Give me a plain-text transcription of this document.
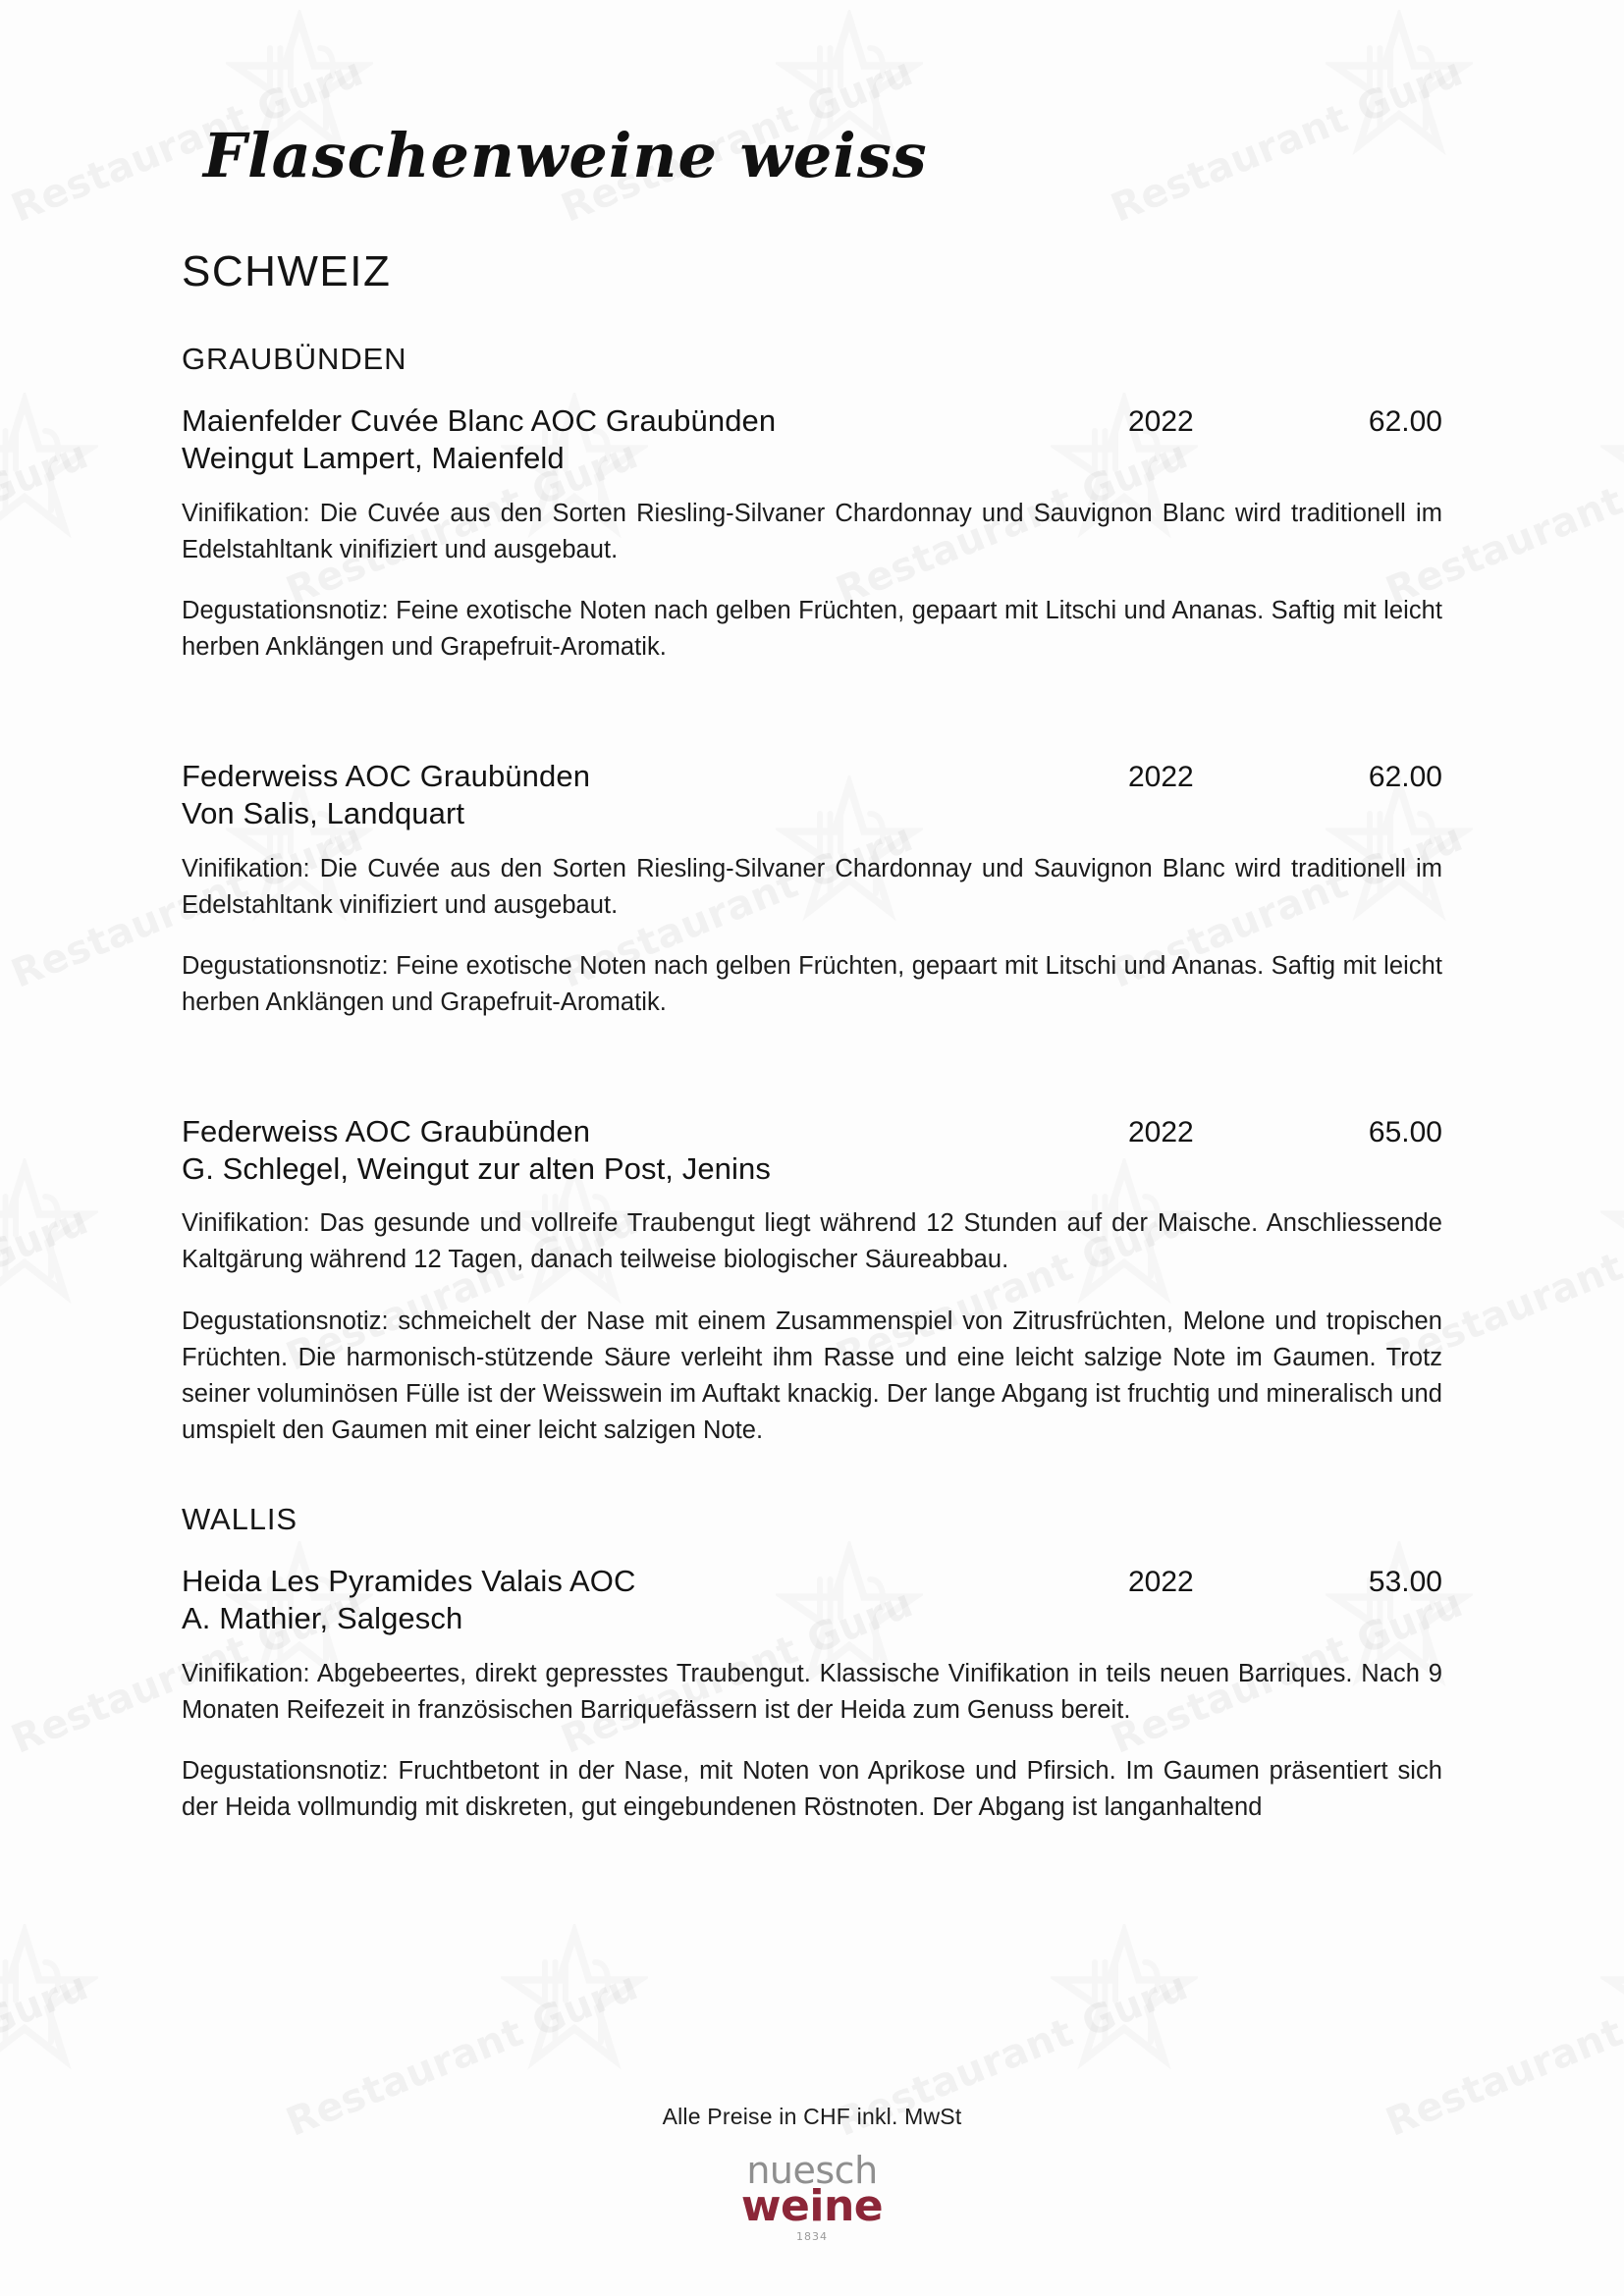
Flaschenweine weiss
SCHWEIZ
GRAUBÜNDEN
Maienfelder Cuvée Blanc AOC Graubünden
Weingut Lampert, Maienfeld
2022	62.00

Vinifikation: Die Cuvée aus den Sorten Riesling-Silvaner Chardonnay und Sauvignon Blanc wird traditionell im Edelstahltank vinifiziert und ausgebaut.

Degustationsnotiz: Feine exotische Noten nach gelben Früchten, gepaart mit Litschi und Ananas. Saftig mit leicht herben Anklängen und Grapefruit-Aromatik.

Federweiss AOC Graubünden
Von Salis, Landquart
2022	62.00

Vinifikation: Die Cuvée aus den Sorten Riesling-Silvaner Chardonnay und Sauvignon Blanc wird traditionell im Edelstahltank vinifiziert und ausgebaut.

Degustationsnotiz: Feine exotische Noten nach gelben Früchten, gepaart mit Litschi und Ananas. Saftig mit leicht herben Anklängen und Grapefruit-Aromatik.

Federweiss AOC Graubünden
G. Schlegel, Weingut zur alten Post, Jenins
2022	65.00

Vinifikation: Das gesunde und vollreife Traubengut liegt während 12 Stunden auf der Maische. Anschliessende Kaltgärung während 12 Tagen, danach teilweise biologischer Säureabbau.

Degustationsnotiz: schmeichelt der Nase mit einem Zusammenspiel von Zitrusfrüchten, Melone und tropischen Früchten. Die harmonisch-stützende Säure verleiht ihm Rasse und eine leicht salzige Note im Gaumen. Trotz seiner voluminösen Fülle ist der Weisswein im Auftakt knackig. Der lange Abgang ist fruchtig und mineralisch und umspielt den Gaumen mit einer leicht salzigen Note.

WALLIS
Heida Les Pyramides Valais AOC
A. Mathier, Salgesch
2022	53.00

Vinifikation: Abgebeertes, direkt gepresstes Traubengut. Klassische Vinifikation in teils neuen Barriques. Nach 9 Monaten Reifezeit in französischen Barriquefässern ist der Heida zum Genuss bereit.

Degustationsnotiz: Fruchtbetont in der Nase, mit Noten von Aprikose und Pfirsich. Im Gaumen präsentiert sich der Heida vollmundig mit diskreten, gut eingebundenen Röstnoten. Der Abgang ist langanhaltend

Alle Preise in CHF inkl. MwSt
nuesch
weine
1834
